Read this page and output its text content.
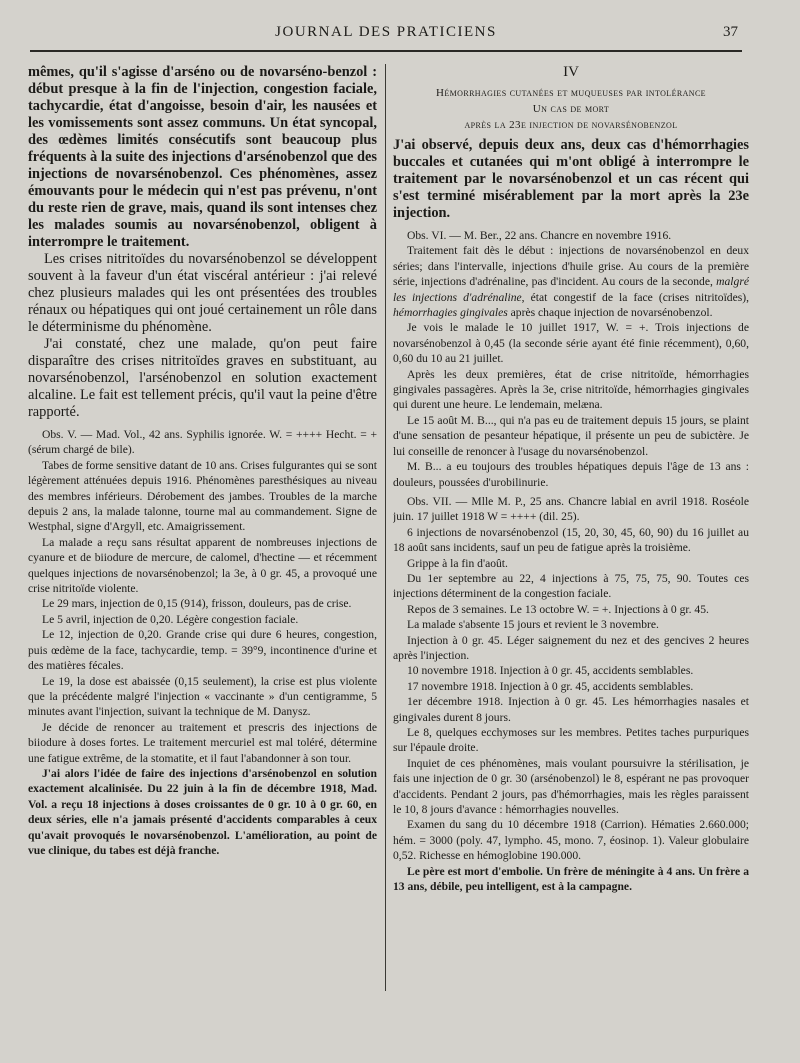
JOURNAL DES PRATICIENS	37

mêmes, qu'il s'agisse d'arséno ou de novarséno-benzol : début presque à la fin de l'injection, congestion faciale, tachycardie, état d'angoisse, besoin d'air, les nausées et les vomissements sont assez communs. Un état syncopal, des œdèmes limités consécutifs sont beaucoup plus fréquents à la suite des injections d'arsénobenzol que des injections de novarsénobenzol. Ces phénomènes, assez émouvants pour le médecin qui n'est pas prévenu, n'ont du reste rien de grave, mais, quand ils sont intenses chez les malades soumis au novarsénobenzol, obligent à interrompre le traitement.

Les crises nitritoïdes du novarsénobenzol se développent souvent à la faveur d'un état viscéral antérieur : j'ai relevé chez plusieurs malades qui les ont présentées des troubles rénaux ou hépatiques qui ont joué certainement un rôle dans le déterminisme du phénomène.

J'ai constaté, chez une malade, qu'on peut faire disparaître des crises nitritoïdes graves en substituant, au novarsénobenzol, l'arsénobenzol en solution exactement alcaline. Le fait est tellement précis, qu'il vaut la peine d'être rapporté.

Obs. V. — Mad. Vol., 42 ans. Syphilis ignorée. W. = ++++ Hecht. = + (sérum chargé de bile).

Tabes de forme sensitive datant de 10 ans. Crises fulgurantes qui se sont légèrement atténuées depuis 1916. Phénomènes paresthésiques au niveau des membres inférieurs. Dérobement des jambes. Troubles de la marche depuis 2 ans, la malade talonne, tourne mal au commandement. Signe de Westphal, signe d'Argyll, etc. Amaigrissement.

La malade a reçu sans résultat apparent de nombreuses injections de cyanure et de biiodure de mercure, de calomel, d'hectine — et récemment quelques injections de novarsénobenzol; la 3e, à 0 gr. 45, a provoqué une crise nitritoïde violente.

Le 29 mars, injection de 0,15 (914), frisson, douleurs, pas de crise.

Le 5 avril, injection de 0,20. Légère congestion faciale.

Le 12, injection de 0,20. Grande crise qui dure 6 heures, congestion, puis œdème de la face, tachycardie, temp. = 39°9, incontinence d'urine et des matières fécales.

Le 19, la dose est abaissée (0,15 seulement), la crise est plus violente que la précédente malgré l'injection « vaccinante » d'un centigramme, 5 minutes avant l'injection, suivant la technique de M. Danysz.

Je décide de renoncer au traitement et prescris des injections de biiodure à doses fortes. Le traitement mercuriel est mal toléré, détermine une fatigue extrême, de la stomatite, et il faut l'abandonner à son tour.

J'ai alors l'idée de faire des injections d'arsénobenzol en solution exactement alcalinisée. Du 22 juin à la fin de décembre 1918, Mad. Vol. a reçu 18 injections à doses croissantes de 0 gr. 10 à 0 gr. 60, en deux séries, elle n'a jamais présenté d'accidents comparables à ceux qu'avait provoqués le novarsénobenzol. L'amélioration, au point de vue clinique, du tabes est déjà franche.

IV

Hémorrhagies cutanées et muqueuses par intolérance

Un cas de mort

après la 23e injection de novarsénobenzol

J'ai observé, depuis deux ans, deux cas d'hémorrhagies buccales et cutanées qui m'ont obligé à interrompre le traitement par le novarsénobenzol et un cas récent qui s'est terminé misérablement par la mort après la 23e injection.

Obs. VI. — M. Ber., 22 ans. Chancre en novembre 1916.

Traitement fait dès le début : injections de novarsénobenzol en deux séries; dans l'intervalle, injections d'huile grise. Au cours de la première série, injections d'adrénaline, pas d'incident. Au cours de la seconde, malgré les injections d'adrénaline, état congestif de la face (crises nitritoïdes), hémorrhagies gingivales après chaque injection de novarsénobenzol.

Je vois le malade le 10 juillet 1917, W. = +. Trois injections de novarsénobenzol à 0,45 (la seconde série ayant été finie récemment), 0,60, 0,60 du 10 au 21 juillet.

Après les deux premières, état de crise nitritoïde, hémorrhagies gingivales passagères. Après la 3e, crise nitritoïde, hémorrhagies gingivales qui durent une heure. Le lendemain, melæna.

Le 15 août M. B..., qui n'a pas eu de traitement depuis 15 jours, se plaint d'une sensation de pesanteur hépatique, il présente un peu de subictère. Je lui conseille de renoncer à l'usage du novarsénobenzol.

M. B... a eu toujours des troubles hépatiques depuis l'âge de 13 ans : douleurs, poussées d'urobilinurie.

Obs. VII. — Mlle M. P., 25 ans. Chancre labial en avril 1918. Roséole juin. 17 juillet 1918 W = ++++ (dil. 25).

6 injections de novarsénobenzol (15, 20, 30, 45, 60, 90) du 16 juillet au 18 août sans incidents, sauf un peu de fatigue après la troisième.

Grippe à la fin d'août.

Du 1er septembre au 22, 4 injections à 75, 75, 75, 90. Toutes ces injections déterminent de la congestion faciale.

Repos de 3 semaines. Le 13 octobre W. = +. Injections à 0 gr. 45.

La malade s'absente 15 jours et revient le 3 novembre.

Injection à 0 gr. 45. Léger saignement du nez et des gencives 2 heures après l'injection.

10 novembre 1918. Injection à 0 gr. 45, accidents semblables.

17 novembre 1918. Injection à 0 gr. 45, accidents semblables.

1er décembre 1918. Injection à 0 gr. 45. Les hémorrhagies nasales et gingivales durent 8 jours.

Le 8, quelques ecchymoses sur les membres. Petites taches purpuriques sur l'épaule droite.

Inquiet de ces phénomènes, mais voulant poursuivre la stérilisation, je fais une injection de 0 gr. 30 (arsénobenzol) le 8, espérant ne pas provoquer d'accidents. Pendant 2 jours, pas d'hémorrhagies, mais les règles paraissent le 10, 8 jours d'avance : hémorrhagies nouvelles.

Examen du sang du 10 décembre 1918 (Carrion). Hématies 2.660.000; hém. = 3000 (poly. 47, lympho. 45, mono. 7, éosinop. 1). Valeur globulaire 0,52. Richesse en hémoglobine 190.000.

Le père est mort d'embolie. Un frère de méningite à 4 ans. Un frère a 13 ans, débile, peu intelligent, est à la campagne.
